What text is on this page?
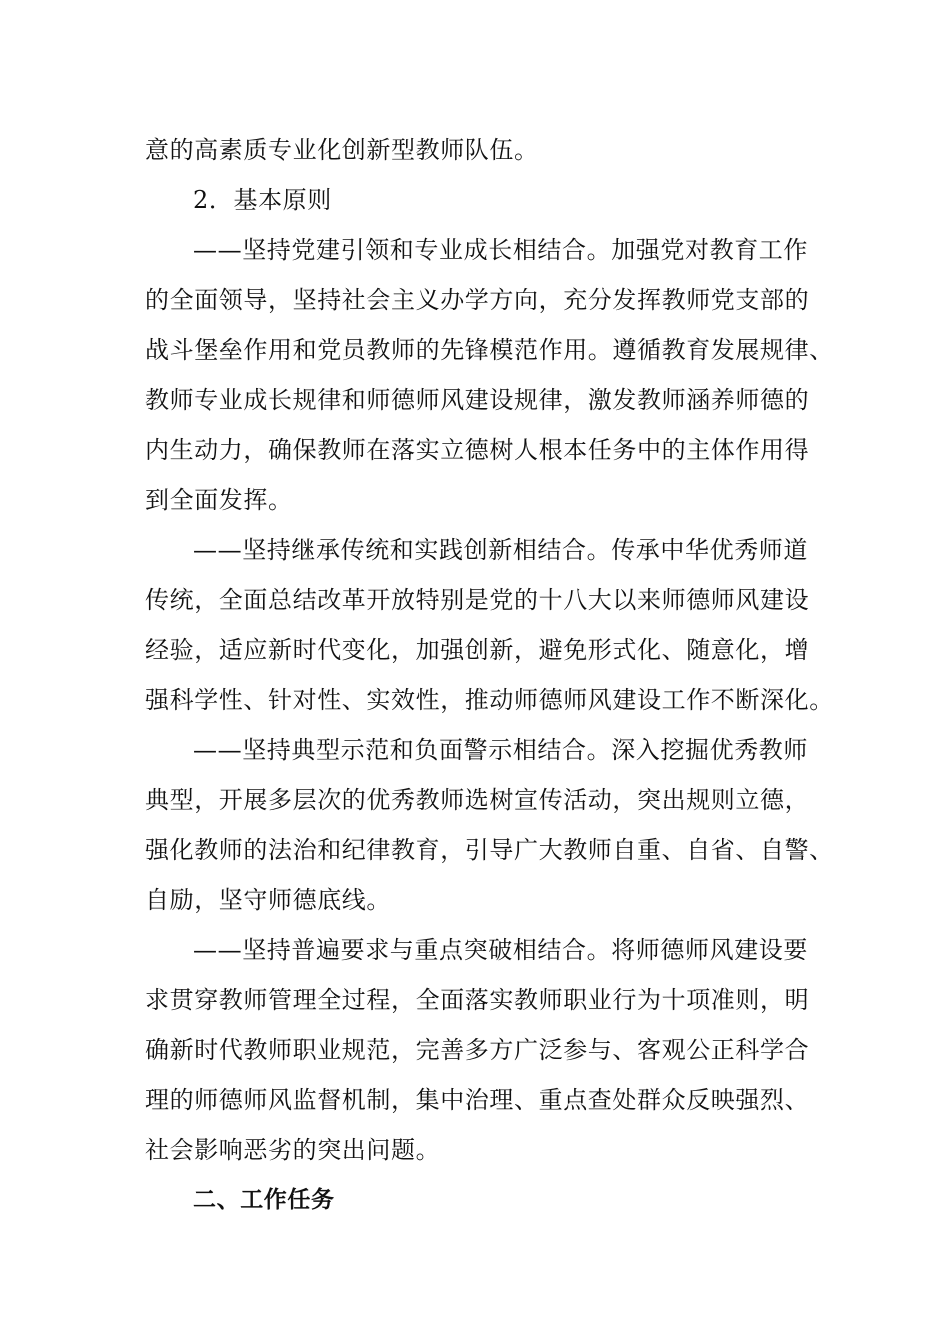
意的高素质专业化创新型教师队伍。
2．基本原则
——坚持党建引领和专业成长相结合。加强党对教育工作
的全面领导，坚持社会主义办学方向，充分发挥教师党支部的
战斗堡垒作用和党员教师的先锋模范作用。遵循教育发展规律、
教师专业成长规律和师德师风建设规律，激发教师涵养师德的
内生动力，确保教师在落实立德树人根本任务中的主体作用得
到全面发挥。
——坚持继承传统和实践创新相结合。传承中华优秀师道
传统，全面总结改革开放特别是党的十八大以来师德师风建设
经验，适应新时代变化，加强创新，避免形式化、随意化，增
强科学性、针对性、实效性，推动师德师风建设工作不断深化。
——坚持典型示范和负面警示相结合。深入挖掘优秀教师
典型，开展多层次的优秀教师选树宣传活动，突出规则立德，
强化教师的法治和纪律教育，引导广大教师自重、自省、自警、
自励，坚守师德底线。
——坚持普遍要求与重点突破相结合。将师德师风建设要
求贯穿教师管理全过程，全面落实教师职业行为十项准则，明
确新时代教师职业规范，完善多方广泛参与、客观公正科学合
理的师德师风监督机制，集中治理、重点查处群众反映强烈、
社会影响恶劣的突出问题。
二、工作任务
